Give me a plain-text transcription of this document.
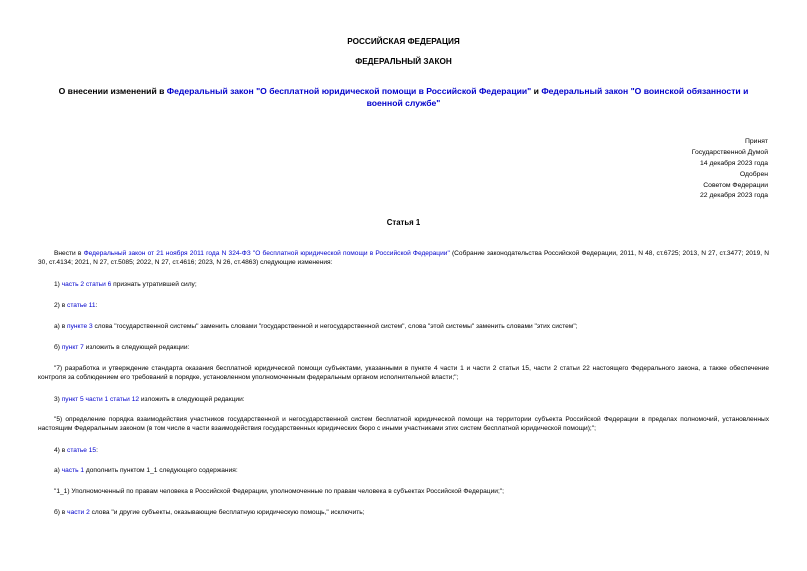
РОССИЙСКАЯ ФЕДЕРАЦИЯ
ФЕДЕРАЛЬНЫЙ ЗАКОН
О внесении изменений в Федеральный закон "О бесплатной юридической помощи в Российской Федерации" и Федеральный закон "О воинской обязанности и военной службе"
Принят
Государственной Думой
14 декабря 2023 года
Одобрен
Советом Федерации
22 декабря 2023 года
Статья 1
Внести в Федеральный закон от 21 ноября 2011 года N 324-ФЗ "О бесплатной юридической помощи в Российской Федерации" (Собрание законодательства Российской Федерации, 2011, N 48, ст.6725; 2013, N 27, ст.3477; 2019, N 30, ст.4134; 2021, N 27, ст.5085; 2022, N 27, ст.4616; 2023, N 26, ст.4863) следующие изменения:
1) часть 2 статьи 6 признать утратившей силу;
2) в статье 11:
а) в пункте 3 слова "государственной системы" заменить словами "государственной и негосударственной систем", слова "этой системы" заменить словами "этих систем";
б) пункт 7 изложить в следующей редакции:
"7) разработка и утверждение стандарта оказания бесплатной юридической помощи субъектами, указанными в пункте 4 части 1 и части 2 статьи 15, части 2 статьи 22 настоящего Федерального закона, а также обеспечение контроля за соблюдением его требований в порядке, установленном уполномоченным федеральным органом исполнительной власти;";
3) пункт 5 части 1 статьи 12 изложить в следующей редакции:
"5) определение порядка взаимодействия участников государственной и негосударственной систем бесплатной юридической помощи на территории субъекта Российской Федерации в пределах полномочий, установленных настоящим Федеральным законом (в том числе в части взаимодействия государственных юридических бюро с иными участниками этих систем бесплатной юридической помощи);";
4) в статье 15:
а) часть 1 дополнить пунктом 1_1 следующего содержания:
"1_1) Уполномоченный по правам человека в Российской Федерации, уполномоченные по правам человека в субъектах Российской Федерации;";
б) в части 2 слова "и другие субъекты, оказывающие бесплатную юридическую помощь," исключить;
